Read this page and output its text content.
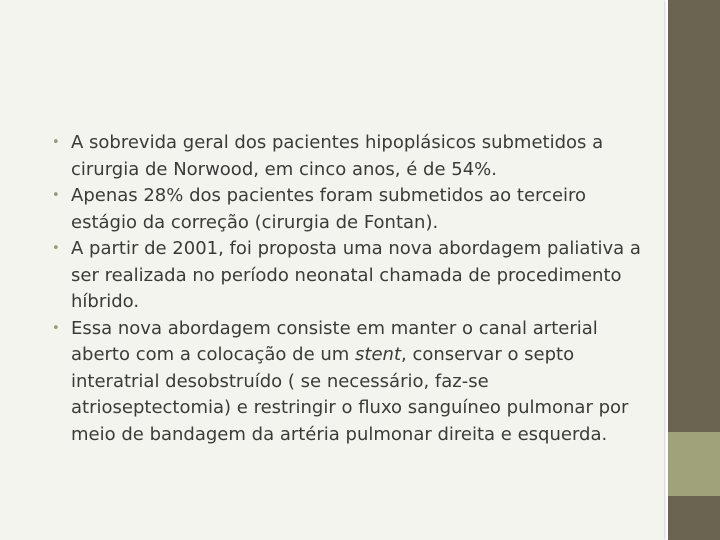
• A sobrevida geral dos pacientes hipoplásicos submetidos a cirurgia de Norwood, em cinco anos, é de 54%.
• Apenas 28% dos pacientes foram submetidos ao terceiro estágio da correção (cirurgia de Fontan).
• A partir de 2001, foi proposta uma nova abordagem paliativa a ser realizada no período neonatal chamada de procedimento híbrido.
• Essa nova abordagem consiste em manter o canal arterial aberto com a colocação de um stent, conservar o septo interatrial desobstruído ( se necessário, faz-se atrioseptectomia) e restringir o fluxo sanguíneo pulmonar por meio de bandagem da artéria pulmonar direita e esquerda.
